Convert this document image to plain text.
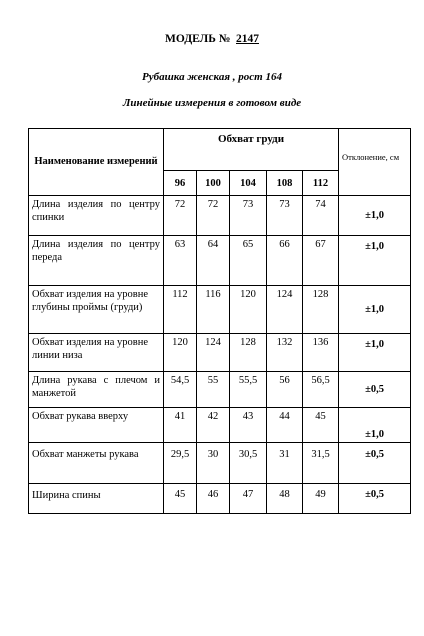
МОДЕЛЬ № 2147
Рубашка женская , рост 164
Линейные измерения в готовом виде
Наименование измерений	Обхват груди					Отклонение, см
	96	100	104	108	112	
Длина изделия по центру спинки	72	72	73	73	74	±1,0
Длина изделия по центру переда	63	64	65	66	67	±1,0
Обхват изделия на уровне глубины проймы (груди)	112	116	120	124	128	±1,0
Обхват изделия на уровне линии низа	120	124	128	132	136	±1,0
Длина рукава с плечом и манжетой	54,5	55	55,5	56	56,5	±0,5
Обхват рукава вверху	41	42	43	44	45	±1,0
Обхват манжеты рукава	29,5	30	30,5	31	31,5	±0,5
Ширина спины	45	46	47	48	49	±0,5
